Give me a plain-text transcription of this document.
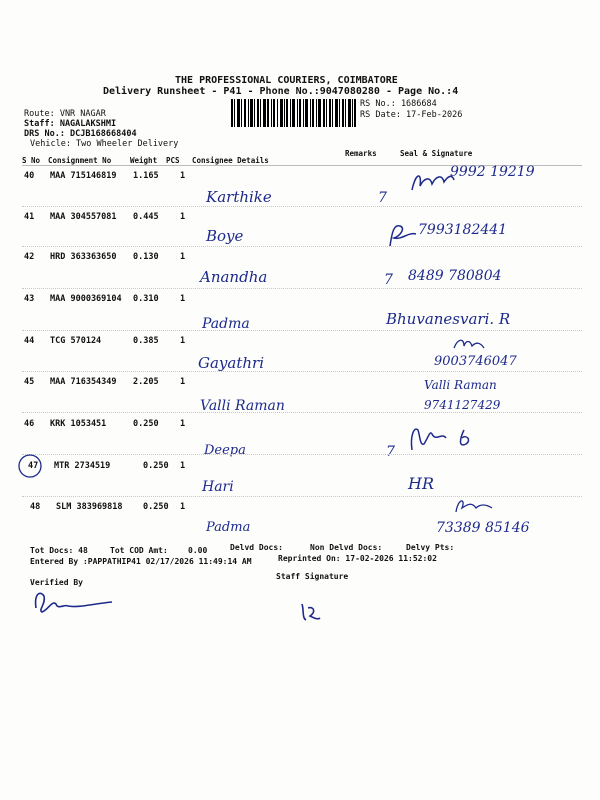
THE PROFESSIONAL COURIERS, COIMBATORE
Delivery Runsheet - P41 - Phone No.:9047080280 - Page No.:4
RS No.: 1686684
RS Date: 17-Feb-2026
Route: VNR NAGAR
Staff: NAGALAKSHMI
DRS No.: DCJB168668404
Vehicle: Two Wheeler Delivery
S No Consignment No	Weight PCS Consignee Details
Remarks	Seal & Signature
40 MAA 715146819 1.165	1
Karthike	7
9992 19219
41 MAA 304557081 0.445	1
Boye	7993182441
42 HRD 363363650 0.130	1
Anandha	7 8489 780804
43 MAA 9000369104 0.310	1
Padma	Bhuvanesvari. R
44 TCG 570124	0.385	1
Gayathri	9003746047
45 MAA 716354349 2.205	1
Valli Raman
Valli Raman 9741127429
46 KRK 1053451	0.250	1
Deepa	7
47 MTR 2734519	0.250 1
Hari	HR
48 SLM 383969818 0.250 1
Padma	73389 85146
Tot Docs: 48	Tot COD Amt:	0.00	Delvd Docs:	Non Delvd Docs:	Delvy Pts:
Entered By :PAPPATHIP41 02/17/2026 11:49:14 AM	Reprinted On: 17-02-2026 11:52:02
Verified By
Staff Signature
